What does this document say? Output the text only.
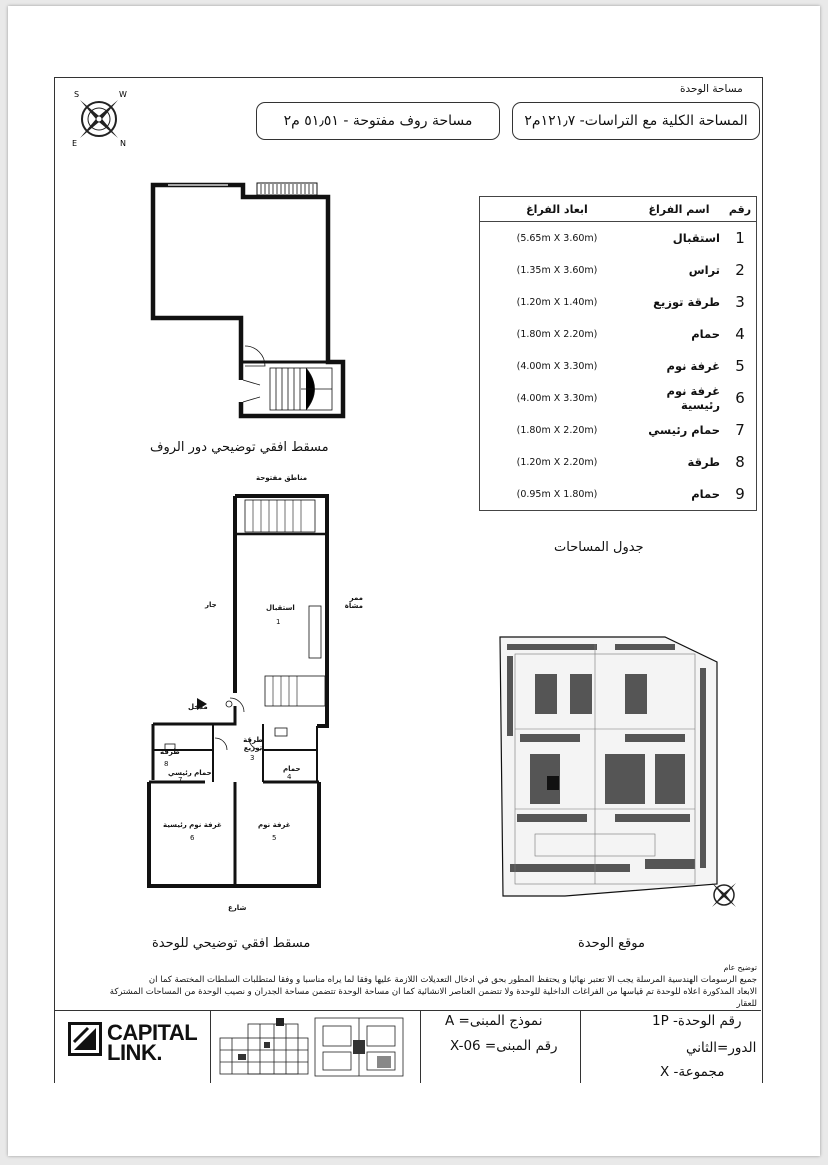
مساحة الوحدة
المساحة الكلية مع التراسات- ١٢١٫٧م٢
مساحة روف مفتوحة - ٥١٫٥١ م٢
S	W
E	N
مسقط افقي توضيحي دور الروف
رقم	اسم الفراغ	ابعاد الفراغ
1	استقبال	(5.65m X 3.60m)
2	تراس	(1.35m X 3.60m)
3	طرقة توزيع	(1.20m X 1.40m)
4	حمام	(1.80m X 2.20m)
5	غرفة نوم	(4.00m X 3.30m)
6	غرفة نوم رئيسية	(4.00m X 3.30m)
7	حمام رئيسي	(1.80m X 2.20m)
8	طرقة	(1.20m X 2.20m)
9	حمام	(0.95m X 1.80m)
جدول المساحات
مناطق مفتوحة
استقبال
1
جار
ممر مشاة
مدخل
طرقة
8
طرقة توزيع
3
حمام رئيسي	حمام
4
7
غرفة نوم رئيسية
6
غرفة نوم
5
شارع
مسقط افقي توضيحي للوحدة	موقع الوحدة
توضيح عام
جميع الرسومات الهندسية المرسلة يجب الا تعتبر نهائيا و يحتفظ المطور بحق في ادخال التعديلات اللازمة عليها وفقا لما يراه مناسبا و وفقا لمتطلبات السلطات المختصة كما ان
الابعاد المذكورة اعلاه للوحدة تم قياسها من الفراغات الداخلية للوحدة ولا تتضمن العناصر الانشائية كما ان مساحة الوحدة تتضمن مساحة الجدران و نصيب الوحدة من المساحات المشتركة
للعقار
CAPITAL
LINK.
نموذج المبنى= A
رقم المبنى= X-06
رقم الوحدة- 1P
الدور=الثاني
مجموعة- X
